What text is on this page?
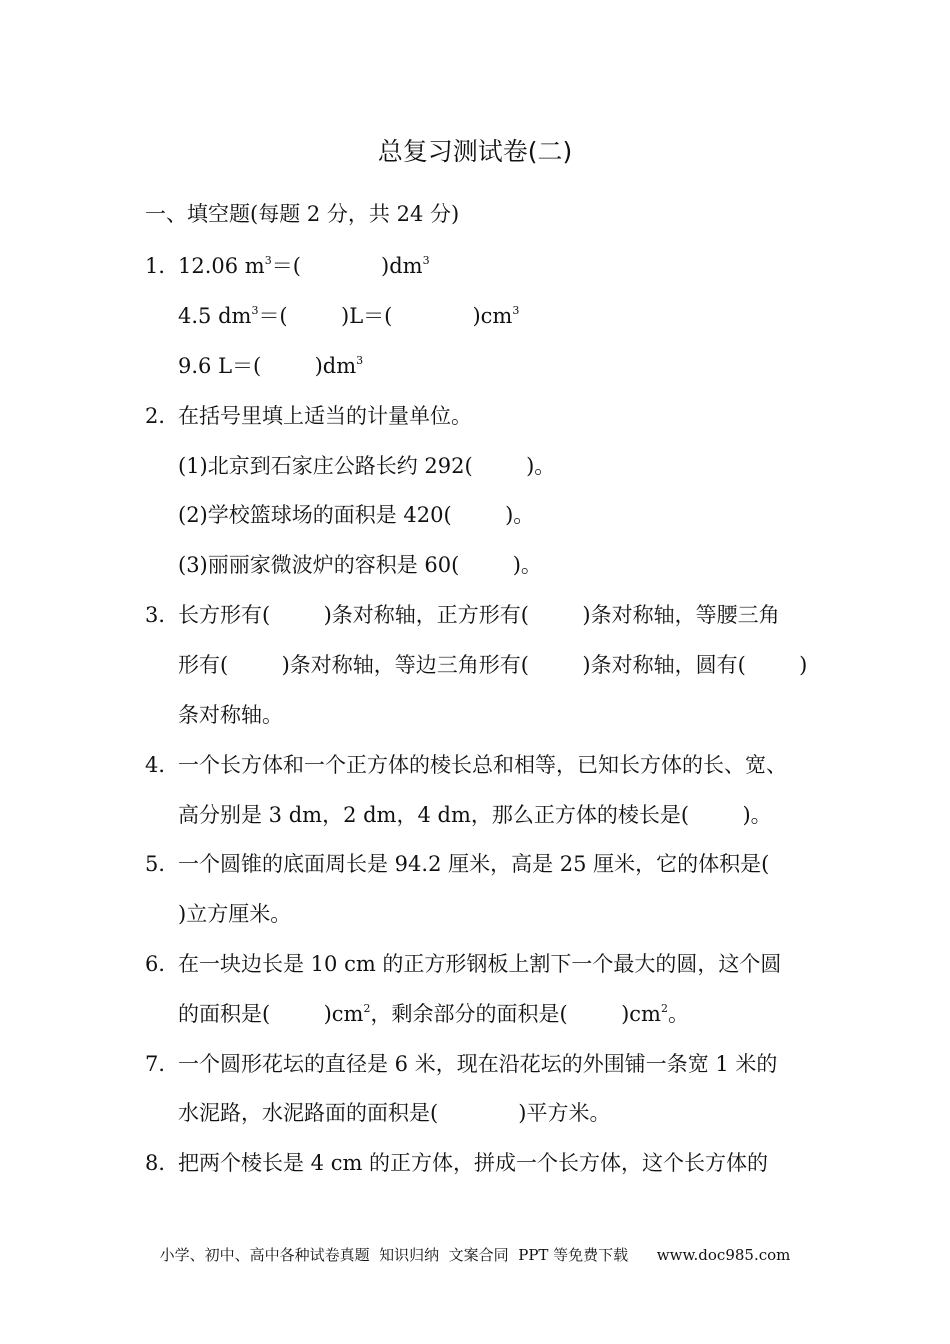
总复习测试卷(二)
一、填空题(每题 2 分，共 24 分)
1．12.06 $m^3=$(            )$dm^3$
4.5 $dm^3=$(        )L＝(            )$cm^3$
9.6 L＝(        )$dm^3$
2．在括号里填上适当的计量单位。
(1)北京到石家庄公路长约 292(        )。
(2)学校篮球场的面积是 420(        )。
(3)丽丽家微波炉的容积是 60(        )。
3．长方形有(        )条对称轴，正方形有(        )条对称轴，等腰三角
形有(        )条对称轴，等边三角形有(        )条对称轴，圆有(        )
条对称轴。
4．一个长方体和一个正方体的棱长总和相等，已知长方体的长、宽、
高分别是 3 dm，2 dm，4 dm，那么正方体的棱长是(        )。
5．一个圆锥的底面周长是 94.2 厘米，高是 25 厘米，它的体积是(
)立方厘米。
6．在一块边长是 10 cm 的正方形钢板上割下一个最大的圆，这个圆
的面积是(        )$cm^2$，剩余部分的面积是(        )$cm^2$。
7．一个圆形花坛的直径是 6 米，现在沿花坛的外围铺一条宽 1 米的
水泥路，水泥路面的面积是(            )平方米。
8．把两个棱长是 4 cm 的正方体，拼成一个长方体，这个长方体的
小学、初中、高中各种试卷真题  知识归纳  文案合同  PPT 等免费下载      www.doc985.com
